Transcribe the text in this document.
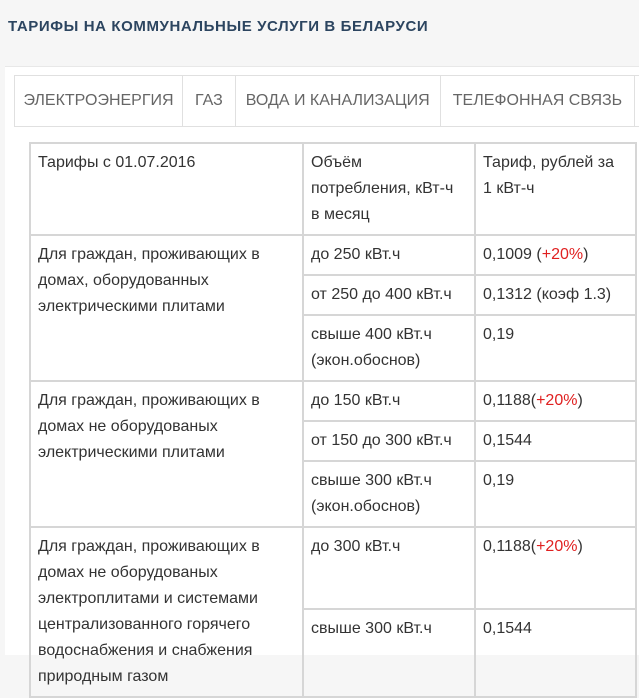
ТАРИФЫ НА КОММУНАЛЬНЫЕ УСЛУГИ В БЕЛАРУСИ
ЭЛЕКТРОЭНЕРГИЯ	ГАЗ	ВОДА И КАНАЛИЗАЦИЯ	ТЕЛЕФОННАЯ СВЯЗЬ
Тарифы с 01.07.2016	Объём потребления, кВт-ч в месяц	Тариф, рублей за 1 кВт-ч
Для граждан, проживающих в домах, оборудованных электрическими плитами	до 250 кВт.ч	0,1009 (+20%)
	от 250 до 400 кВт.ч	0,1312 (коэф 1.3)
	свыше 400 кВт.ч (экон.обоснов)	0,19
Для граждан, проживающих в домах не оборудованых электрическими плитами	до 150 кВт.ч	0,1188(+20%)
	от 150 до 300 кВт.ч	0,1544
	свыше 300 кВт.ч (экон.обоснов)	0,19
Для граждан, проживающих в домах не оборудованых электроплитами и системами централизованного горячего водоснабжения и снабжения природным газом	до 300 кВт.ч	0,1188(+20%)
	свыше 300 кВт.ч	0,1544
